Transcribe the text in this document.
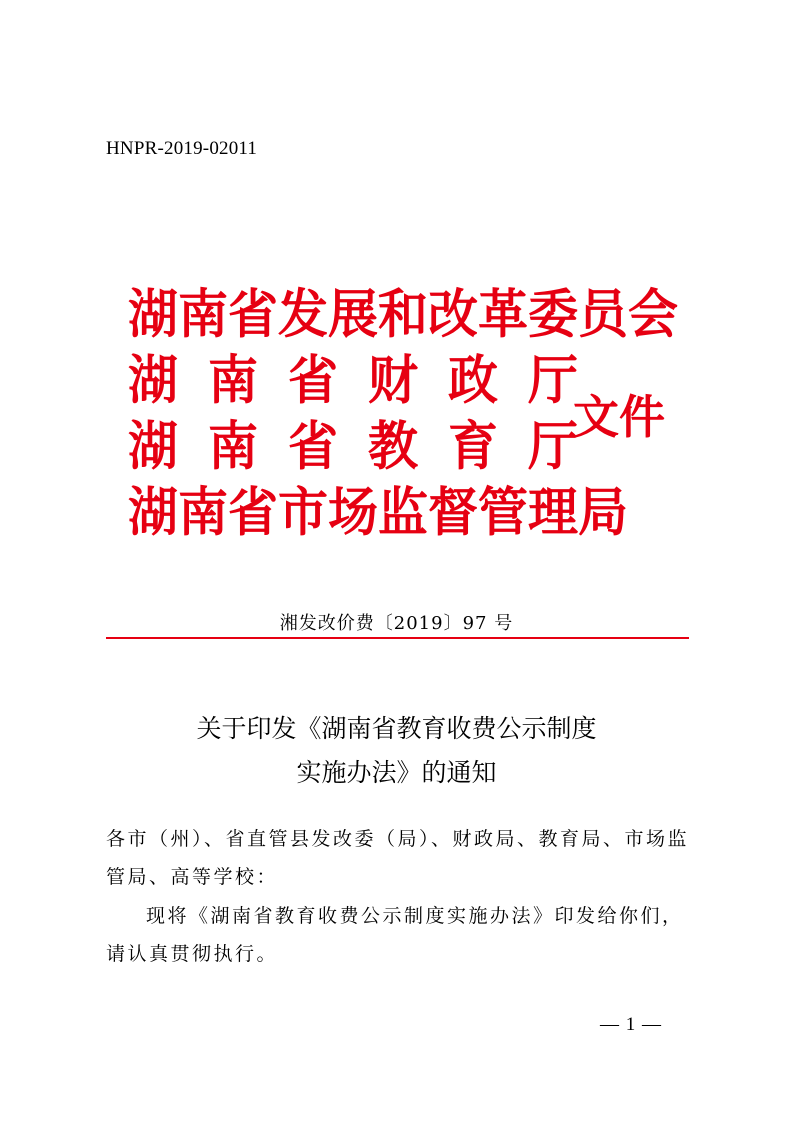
HNPR-2019-02011
湖南省发展和改革委员会
湖 南 省 财 政 厅
湖 南 省 教 育 厅
湖南省市场监督管理局
文件
湘发改价费〔2019〕97 号
关于印发《湖南省教育收费公示制度
实施办法》的通知
各市（州）、省直管县发改委（局）、财政局、教育局、市场监管局、高等学校：
现将《湖南省教育收费公示制度实施办法》印发给你们，请认真贯彻执行。
— 1 —
